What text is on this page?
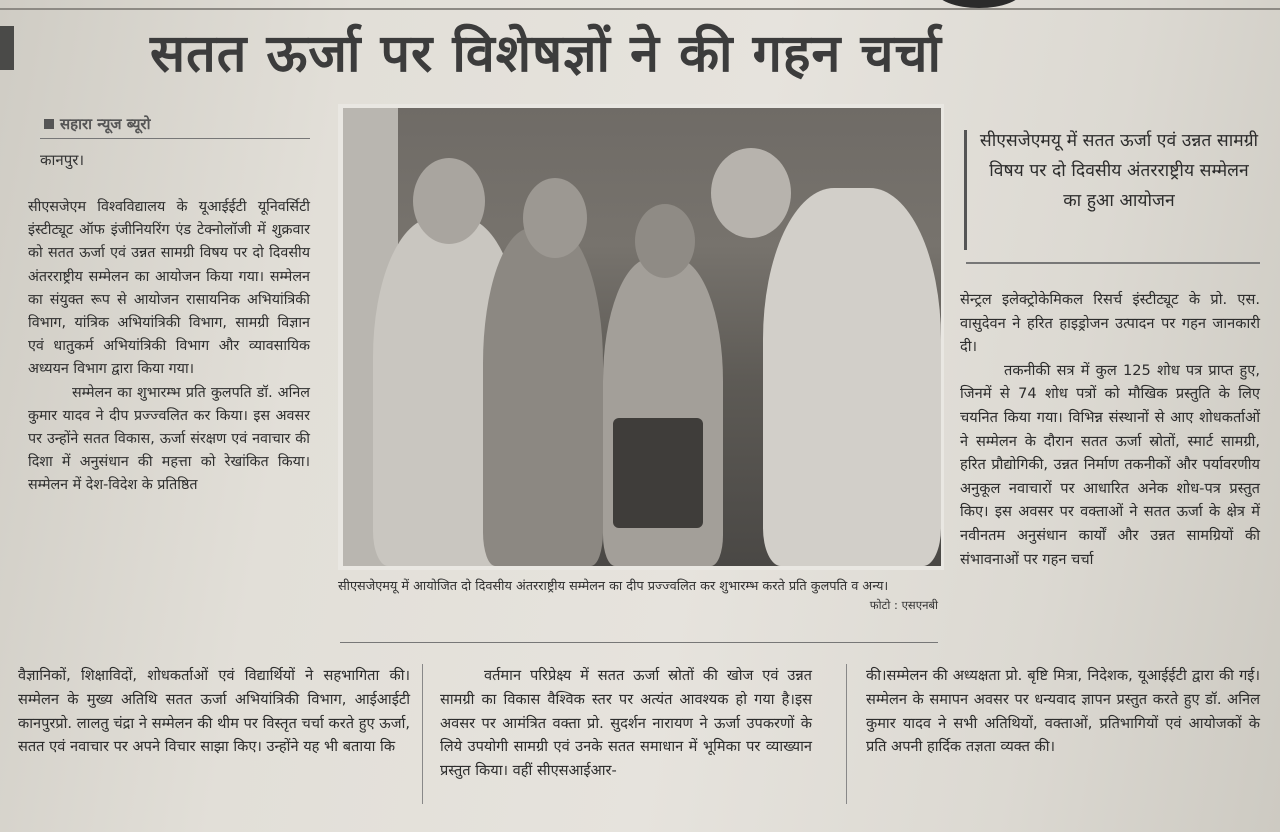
सतत ऊर्जा पर विशेषज्ञों ने की गहन चर्चा
सहारा न्यूज ब्यूरो
कानपुर।

सीएसजेएम विश्वविद्यालय के यूआईईटी यूनिवर्सिटी इंस्टीट्यूट ऑफ इंजीनियरिंग एंड टेक्नोलॉजी में शुक्रवार को सतत ऊर्जा एवं उन्नत सामग्री विषय पर दो दिवसीय अंतरराष्ट्रीय सम्मेलन का आयोजन किया गया। सम्मेलन का संयुक्त रूप से आयोजन रासायनिक अभियांत्रिकी विभाग, यांत्रिक अभियांत्रिकी विभाग, सामग्री विज्ञान एवं धातुकर्म अभियांत्रिकी विभाग और व्यावसायिक अध्ययन विभाग द्वारा किया गया।

सम्मेलन का शुभारम्भ प्रति कुलपति डॉ. अनिल कुमार यादव ने दीप प्रज्ज्वलित कर किया। इस अवसर पर उन्होंने सतत विकास, ऊर्जा संरक्षण एवं नवाचार की दिशा में अनुसंधान की महत्ता को रेखांकित किया। सम्मेलन में देश-विदेश के प्रतिष्ठित

वैज्ञानिकों, शिक्षाविदों, शोधकर्ताओं एवं विद्यार्थियों ने सहभागिता की। सम्मेलन के मुख्य अतिथि सतत ऊर्जा अभियांत्रिकी विभाग, आईआईटी कानपुरप्रो. लालतु चंद्रा ने सम्मेलन की थीम पर विस्तृत चर्चा करते हुए ऊर्जा, सतत एवं नवाचार पर अपने विचार साझा किए। उन्होंने यह भी बताया कि

वर्तमान परिप्रेक्ष्य में सतत ऊर्जा स्रोतों की खोज एवं उन्नत सामग्री का विकास वैश्विक स्तर पर अत्यंत आवश्यक हो गया है।इस अवसर पर आमंत्रित वक्ता प्रो. सुदर्शन नारायण ने ऊर्जा उपकरणों के लिये उपयोगी सामग्री एवं उनके सतत समाधान में भूमिका पर व्याख्यान प्रस्तुत किया। वहीं सीएसआईआर-

सीएसजेएमयू में सतत ऊर्जा एवं उन्नत सामग्री विषय पर दो दिवसीय अंतरराष्ट्रीय सम्मेलन का हुआ आयोजन

सेन्ट्रल इलेक्ट्रोकेमिकल रिसर्च इंस्टीट्यूट के प्रो. एस. वासुदेवन ने हरित हाइड्रोजन उत्पादन पर गहन जानकारी दी।

तकनीकी सत्र में कुल 125 शोध पत्र प्राप्त हुए, जिनमें से 74 शोध पत्रों को मौखिक प्रस्तुति के लिए चयनित किया गया। विभिन्न संस्थानों से आए शोधकर्ताओं ने सम्मेलन के दौरान सतत ऊर्जा स्रोतों, स्मार्ट सामग्री, हरित प्रौद्योगिकी, उन्नत निर्माण तकनीकों और पर्यावरणीय अनुकूल नवाचारों पर आधारित अनेक शोध-पत्र प्रस्तुत किए। इस अवसर पर वक्ताओं ने सतत ऊर्जा के क्षेत्र में नवीनतम अनुसंधान कार्यों और उन्नत सामग्रियों की संभावनाओं पर गहन चर्चा

की।सम्मेलन की अध्यक्षता प्रो. बृष्टि मित्रा, निदेशक, यूआईईटी द्वारा की गई। सम्मेलन के समापन अवसर पर धन्यवाद ज्ञापन प्रस्तुत करते हुए डॉ. अनिल कुमार यादव ने सभी अतिथियों, वक्ताओं, प्रतिभागियों एवं आयोजकों के प्रति अपनी हार्दिक तज्ञता व्यक्त की।

सीएसजेएमयू में आयोजित दो दिवसीय अंतरराष्ट्रीय सम्मेलन का दीप प्रज्ज्वलित कर शुभारम्भ करते प्रति कुलपति व अन्य।
फोटो : एसएनबी
